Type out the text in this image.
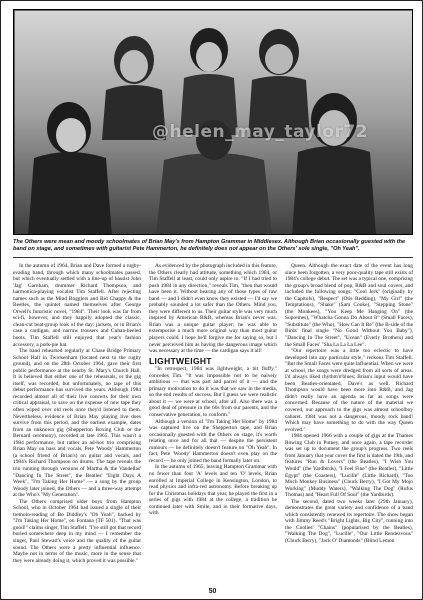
@helen_may_taylor72
The Others were mean and moody schoolmates of Brian May's from Hampton Grammar in Middlesex. Although Brian occasionally guested with the band on stage, and sometimes with guitarist Pete Hammerton, he definitely does not appear on the Others' sole single, "Oh Yeah".

In the autumn of 1964, Brian and Dave formed a rugby-evading band, through which many schoolmates passed, but which eventually settled with a line-up of bassist John 'Jag' Garnham, drummer Richard Thompson, and harmonica-playing vocalist Tim Staffell. After rejecting names such as the Mind Bogglers and Bid Chappy & the Beetles, the quintet named themselves after George Orwell's futuristic novel, "1984". Their look was far from sci-fi, however, and they happily adopted the classic, clean-cut beat-group look of the day: jackets, or in Brian's case a cardigan, and narrow trousers and Cuban-heeled boots. Tim Staffell still enjoyed that year's fashion accessory, a pork-pie hat.

The band rehearsed regularly at Chase Bridge Primary School Hall in Twickenham (located next to the rugby ground), and on the 28th October 1964, gave their first public performance at the nearby St. Mary's Church Hall. It is believed that either one of the rehearsals, or the gig itself, was recorded, but unfortunately, no tape of this debut performance has survived the years. Although 1984 recorded almost all of their live concerts for their own critical appraisal, to save on the expense of new tape they often wiped over old reels once they'd listened to them. Nevertheless, evidence of Brian May playing live does survive from this period, and the earliest example, dates from an unknown gig (Shepperton Boxing Club or the Bernard ceremony), recorded at late 1965. This wasn't a 1984 performance, but rather an ad-hoc trio comprising Brian May on bass and vocals, Pete 'Woody' Hammerton (a school friend of Brian's) on guitar and vocals, and 1984's Richard Thompson on drums. The tape reveals the trio running through versions of Martha & the Vandellas' "Dancing In The Street", the Beatles' "Eight Days A Week", "I'm Taking Her Home" — a song by the group Woody later joined, the Others — and a three-way attempt at the Who's "My Generation".

The Others comprised older boys from Hampton School, who in October 1964 had issued a single of their tremolo-reading of Bo Diddley's "Oh Yeah", backed by "I'm Taking Her Home", on Fontana (TF 501). "That was good!" claims singer, Tim Staffell. "I've still got that record buried somewhere deep in my mind — I remember the singer, Paul Stewart's voice and the quality of the guitar sound. The Others were a pretty influential influence. Maybe not in terms of the music, more in the sense that they were already doing it, which proved it was possible."

As evidenced by the photograph included in this feature, the Others clearly had attitude, something which 1984, or Tim Staffell at least, could only aspire to. "If I had tried to push 1984 in any direction," reveals Tim, "then that would have been it. Without hearing any of those types of raw band — and I didn't even know they existed — I'd say we probably sounded a lot safer than the Others. Mind you, they were different to us. Their guitar style was very much inspired by American R&B, whereas Brian's never was. Brian was a unique guitar player; he was able to extemporise a much more original way than most guitar players could. I hope he'll forgive me for saying so, but I never perceived him as having the dangerous image which was necessary at the time — the cardigan says it all!

LIGHTWEIGHT

"In retrospect, 1984 was lightweight, a bit fluffy," concedes Tim. "It was impossible not to be naively ambitious — that was part and parcel of it — and the primary motivation to do it was that we saw in the media, so the end results of success. But I guess we were realistic about it — we were at school, after all. Also there was a good deal of pressure in the 60s from our parents, and the conservative generation, to conform."

Although a version of "I'm Taking Her Home" by 1984 was captured live on the Shepperton tape, and Brian occasionally guested with the Others on stage, it's worth relating once and for all that — despite the persistent rumours — he definitely doesn't feature on "Oh Yeah". In fact, Pete 'Woody' Hammerton doesn't even play on the record — he only joined the band formally later on.

In the autumn of 1965, leaving Hampton Grammar with no fewer than four 'A' levels and ten 'O' levels, Brian enrolled at Imperial College in Kensington, London, to read physics and infra-red astronomy. Before breaking up for the Christmas holidays that year, he played the first in a series of gigs with 1984 at the college, a tradition he continued later with Smile, and in their formative days, with

Queen. Although the exact date of the event has long since been forgotten, a very poor-quality tape still exists of 1984's college debut. The set was a typical one, comprising the group's broad blend of pop, R&B and soul covers, and included the following songs: "Cool Jerk" (originally by the Capitols), "Respect" (Otis Redding), "My Girl" (the Temptations), "Shake" (Sam Cooke), "Stepping Stone" (the Monkees), "You Keep Me Hanging On" (the Supremes), "Whatcha Gonna Do About It" (Small Faces), "Substitute" (the Who), "How Can It Be" (the B-side of the Birds' final single "No Good Without You Baby"), "Dancing In The Street", "Ucean" (Everly Brothers) and the Small Faces' "Sha La La La Lee".

"Our repertoire was a little too eclectic to have developed into any particular style," reckons Tim Staffell. "But the Small Faces were quite influential. When we were at school, the songs were dredged from all sorts of areas. I'd always liked rhythm'n'blues; Brian's input would have been Beatles-orientated, Dave's as well. Richard Thompson would have been more into R&B, and Jag didn't really have an agenda as far as songs were concerned. Because of the nature of the material we covered, our approach to the gigs was almost schoolboy cabaret. 1984 was not a dangerous, moody rock band! Which may have something to do with the way Queen evolved."

1984 opened 1966 with a couple of gigs at the Thames Rowing Club in Putney, and once again, a tape recorder was set up to document the group's progress. Two reels from January that year cover the first is dated the 19th, and features "Run & Lovers" (the Beatles), "I Wish You Would" (the Yardbirds), "I Feel Fine" (the Beatles), "Little Egypt" (the Coasters), "Lucille" (Little Richard), "Too Much Monkey Business" (Chuck Berry), "I Got My Mojo Working" (Muddy Waters), "Walking The Dog" (Rufus Thomas) and "Heart Full Of Soul" (the Yardbirds).

The second, dated two weeks later (29th January), demonstrates the great variety and confidence of a band which consistently renewed its repertoire. The show began with Jimmy Reed's "Bright Lights, Big City", running into the Coolies' "Chains" (popularised by the Beatles), "Walking The Dog", "Lucille", "Our Little Rendezvous" (Chuck Berry), "Jack O' Diamonds" (Blind Lemon

50
